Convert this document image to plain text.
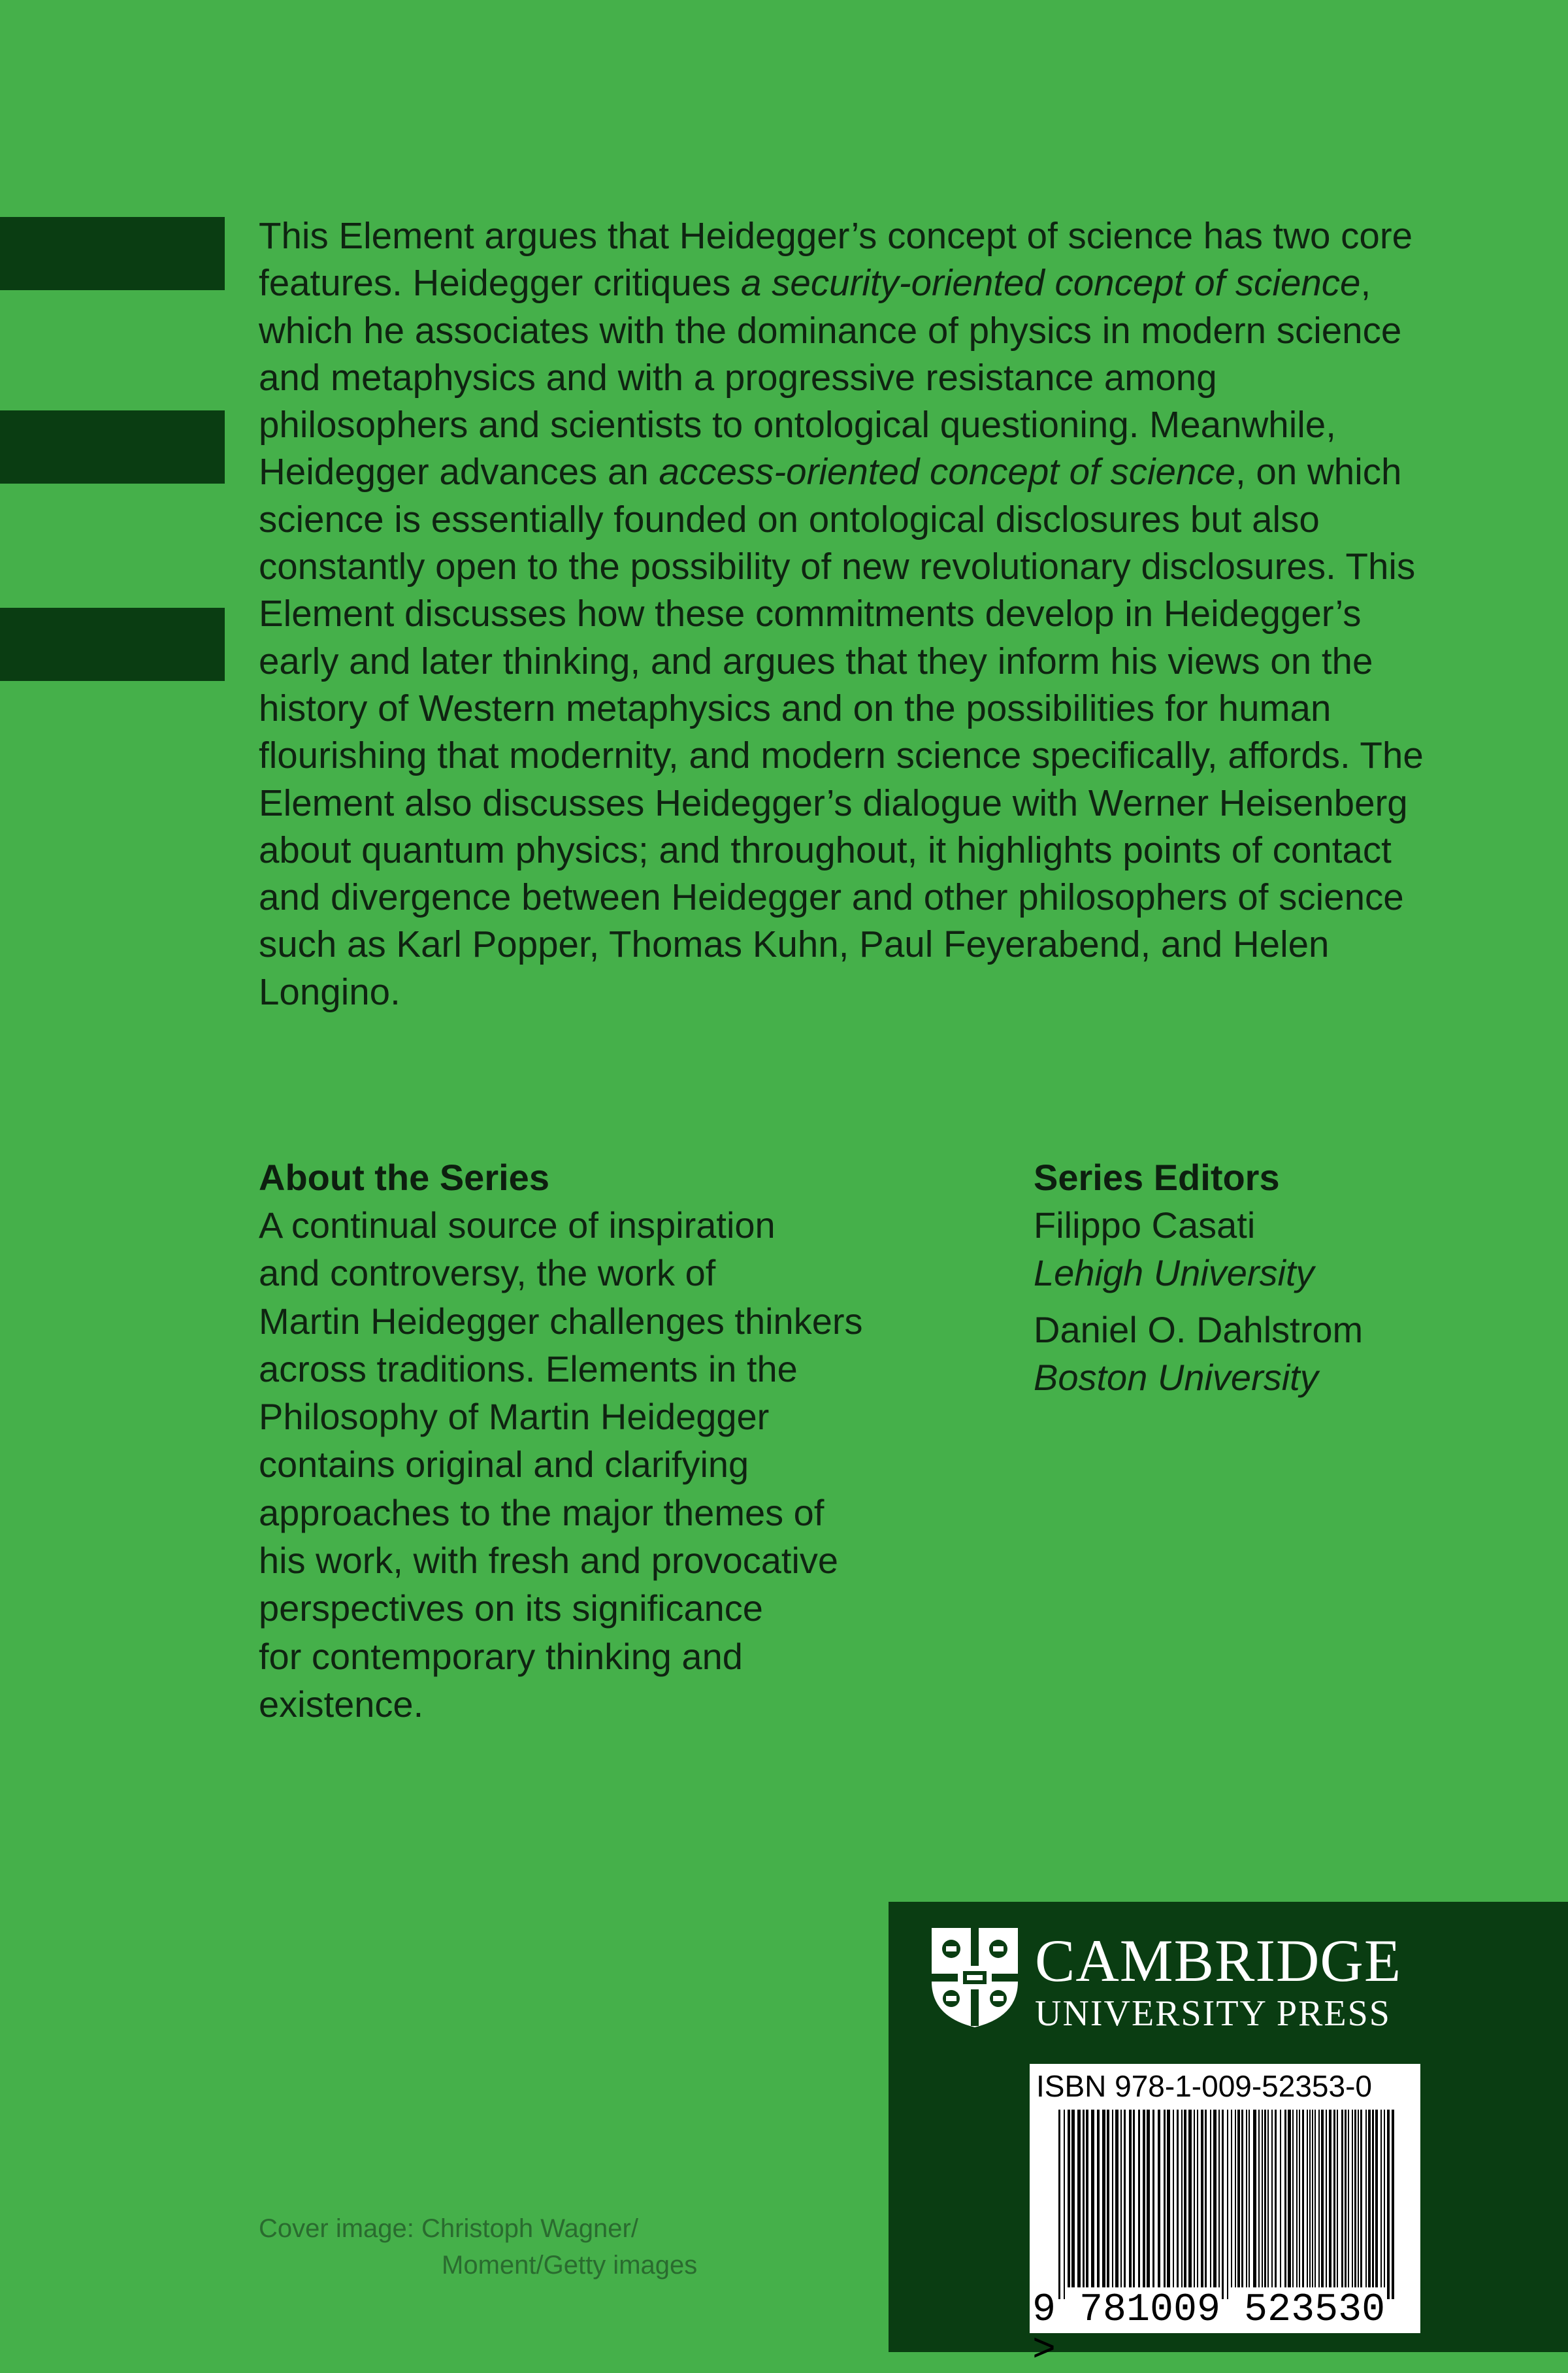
This Element argues that Heidegger’s concept of science has two core features. Heidegger critiques a security-oriented concept of science, which he associates with the dominance of physics in modern science and metaphysics and with a progressive resistance among philosophers and scientists to ontological questioning. Meanwhile, Heidegger advances an access-oriented concept of science, on which science is essentially founded on ontological disclosures but also constantly open to the possibility of new revolutionary disclosures. This Element discusses how these commitments develop in Heidegger’s early and later thinking, and argues that they inform his views on the history of Western metaphysics and on the possibilities for human flourishing that modernity, and modern science specifically, affords. The Element also discusses Heidegger’s dialogue with Werner Heisenberg about quantum physics; and throughout, it highlights points of contact and divergence between Heidegger and other philosophers of science such as Karl Popper, Thomas Kuhn, Paul Feyerabend, and Helen Longino.

About the Series

A continual source of inspiration
and controversy, the work of
Martin Heidegger challenges thinkers
across traditions. Elements in the
Philosophy of Martin Heidegger
contains original and clarifying
approaches to the major themes of
his work, with fresh and provocative
perspectives on its significance
for contemporary thinking and
existence.

Series Editors
Filippo Casati
Lehigh University
Daniel O. Dahlstrom
Boston University
Cover image: Christoph Wagner/
Moment/Getty images
CAMBRIDGE
UNIVERSITY PRESS
ISBN 978-1-009-52353-0
9 781009 523530 >
